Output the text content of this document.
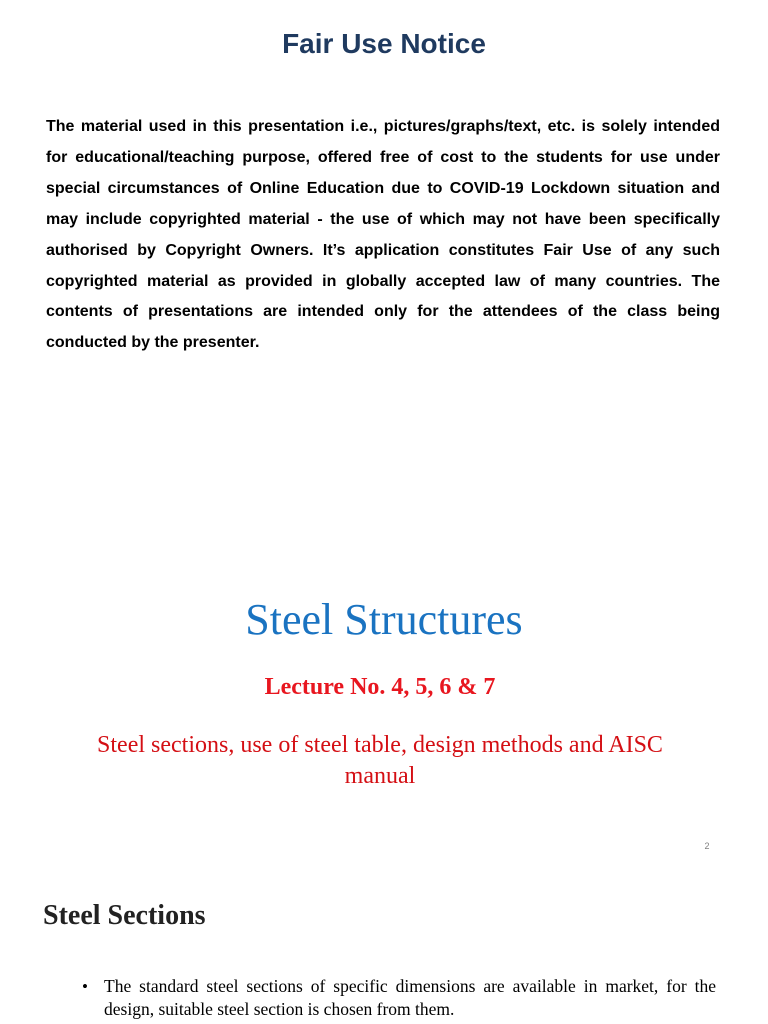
Fair Use Notice

The material used in this presentation i.e., pictures/graphs/text, etc. is solely intended for educational/teaching purpose, offered free of cost to the students for use under special circumstances of Online Education due to COVID-19 Lockdown situation and may include copyrighted material - the use of which may not have been specifically authorised by Copyright Owners. It’s application constitutes Fair Use of any such copyrighted material as provided in globally accepted law of many countries. The contents of presentations are intended only for the attendees of the class being conducted by the presenter.

Steel Structures
Lecture No. 4, 5, 6 & 7
Steel sections, use of steel table, design methods and AISC manual
2
Steel Sections
• The standard steel sections of specific dimensions are available in market, for the design, suitable steel section is chosen from them.
